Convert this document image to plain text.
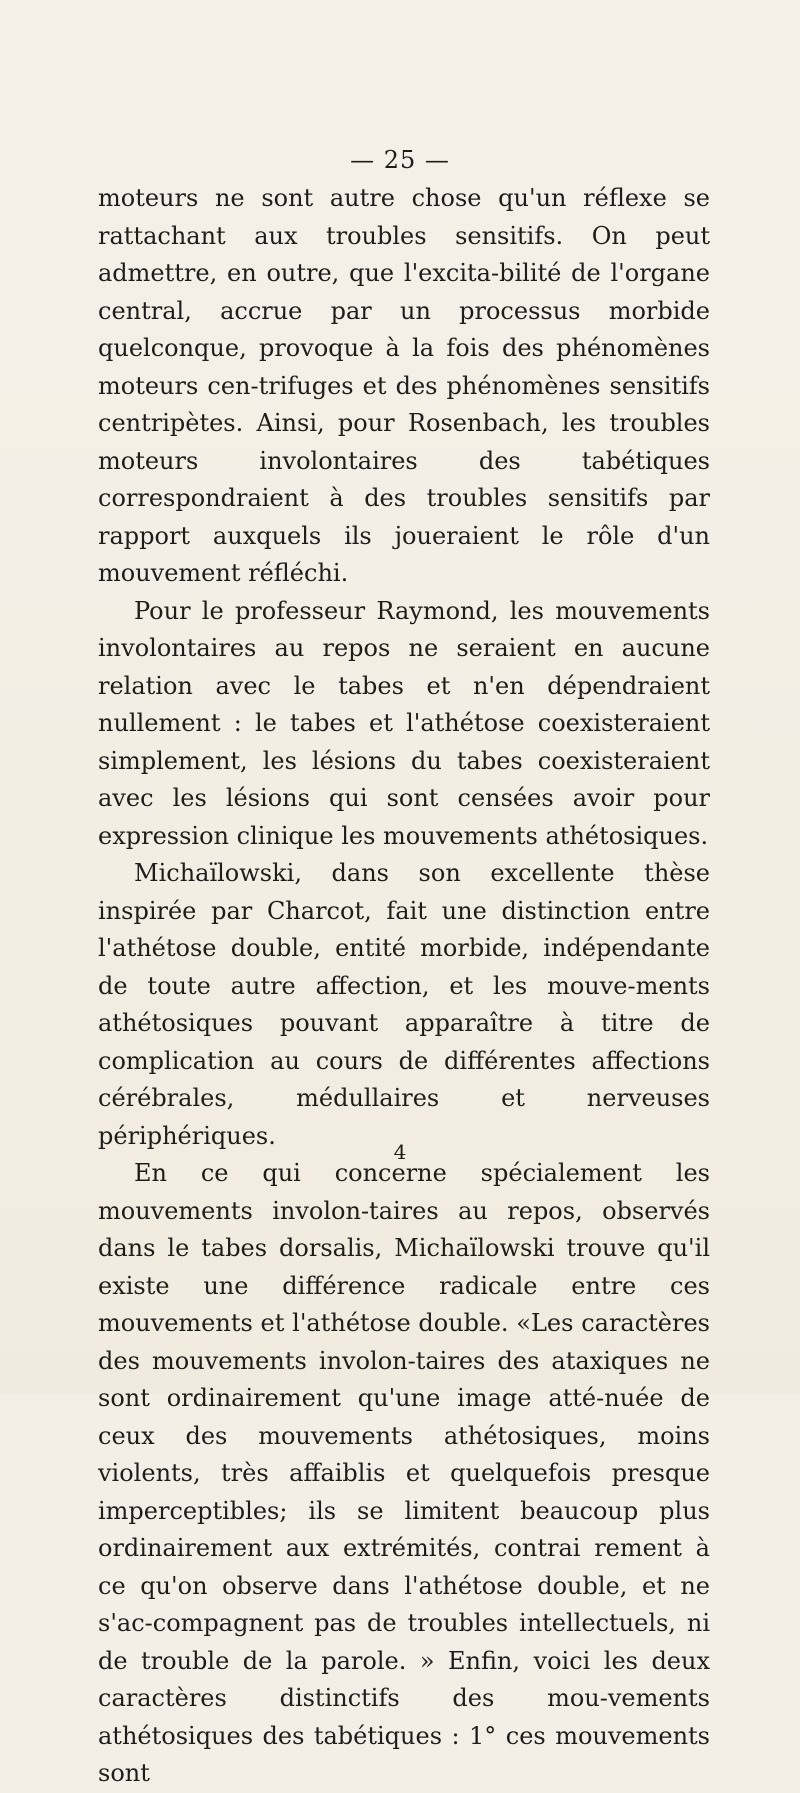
— 25 —

moteurs ne sont autre chose qu'un réflexe se rattachant aux troubles sensitifs. On peut admettre, en outre, que l'excita-bilité de l'organe central, accrue par un processus morbide quelconque, provoque à la fois des phénomènes moteurs cen-trifuges et des phénomènes sensitifs centripètes. Ainsi, pour Rosenbach, les troubles moteurs involontaires des tabétiques correspondraient à des troubles sensitifs par rapport auxquels ils joueraient le rôle d'un mouvement réfléchi.

Pour le professeur Raymond, les mouvements involontaires au repos ne seraient en aucune relation avec le tabes et n'en dépendraient nullement : le tabes et l'athétose coexisteraient simplement, les lésions du tabes coexisteraient avec les lésions qui sont censées avoir pour expression clinique les mouvements athétosiques.

Michaïlowski, dans son excellente thèse inspirée par Charcot, fait une distinction entre l'athétose double, entité morbide, indépendante de toute autre affection, et les mouve-ments athétosiques pouvant apparaître à titre de complication au cours de différentes affections cérébrales, médullaires et nerveuses périphériques.

En ce qui concerne spécialement les mouvements involon-taires au repos, observés dans le tabes dorsalis, Michaïlowski trouve qu'il existe une différence radicale entre ces mouvements et l'athétose double. «Les caractères des mouvements involon-taires des ataxiques ne sont ordinairement qu'une image atté-nuée de ceux des mouvements athétosiques, moins violents, très affaiblis et quelquefois presque imperceptibles; ils se limitent beaucoup plus ordinairement aux extrémités, contrai rement à ce qu'on observe dans l'athétose double, et ne s'ac-compagnent pas de troubles intellectuels, ni de trouble de la parole. » Enfin, voici les deux caractères distinctifs des mou-vements athétosiques des tabétiques : 1° ces mouvements sont

4
